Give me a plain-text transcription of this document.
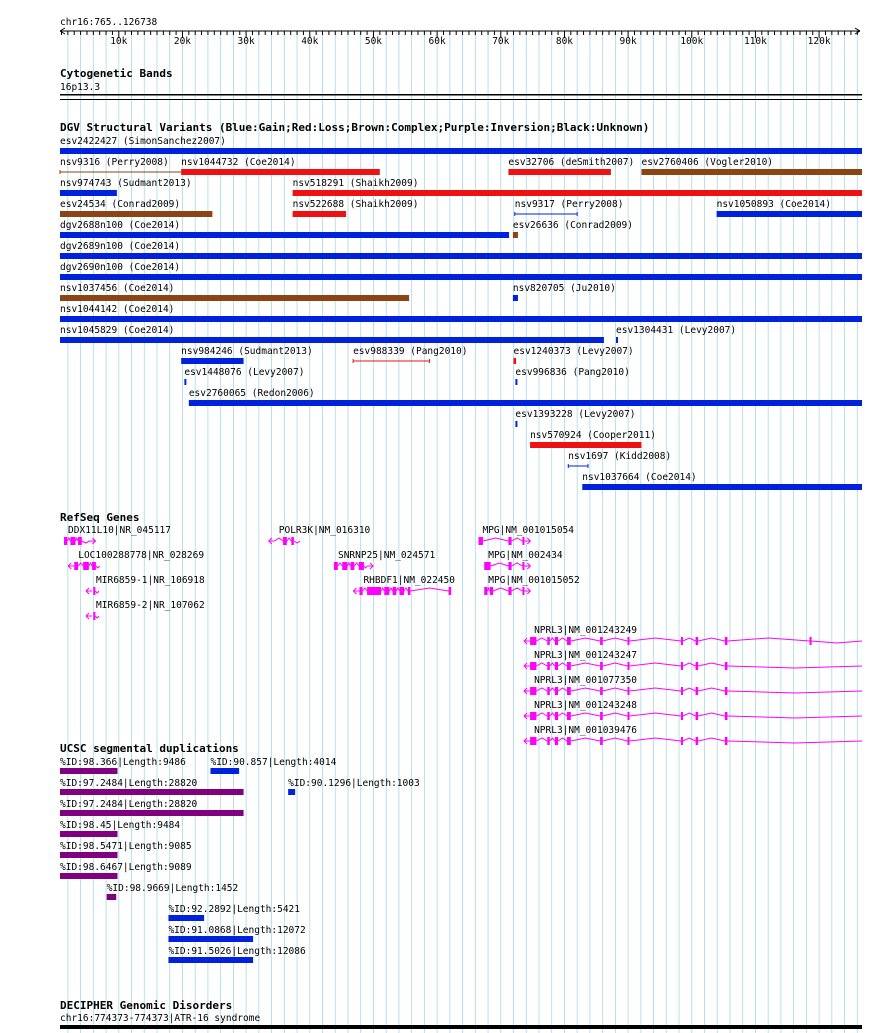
chr16:765..126738
10k	20k	30k	40k	50k	60k	70k	80k	90k	100k	110k	120k
Cytogenetic Bands
16p13.3
DGV Structural Variants (Blue:Gain;Red:Loss;Brown:Complex;Purple:Inversion;Black:Unknown)
esv2422427 (SimonSanchez2007)
nsv9316 (Perry2008) nsv1044732 (Coe2014)	esv32706 (deSmith2007) esv2760406 (Vogler2010)
nsv974743 (Sudmant2013)	nsv518291 (Shaikh2009)
esv24534 (Conrad2009)	nsv522688 (Shaikh2009)	nsv9317 (Perry2008)	nsv1050893 (Coe2014)
dgv2688n100 (Coe2014)	esv26636 (Conrad2009)
dgv2689n100 (Coe2014)
dgv2690n100 (Coe2014)
nsv1037456 (Coe2014)	nsv820705 (Ju2010)
nsv1044142 (Coe2014)
nsv1045829 (Coe2014)	esv1304431 (Levy2007)
nsv984246 (Sudmant2013)	esv988339 (Pang2010)	esv1240373 (Levy2007)
esv1448076 (Levy2007)	esv996836 (Pang2010)
esv2760065 (Redon2006)
esv1393228 (Levy2007)
nsv570924 (Cooper2011)
nsv1697 (Kidd2008)
nsv1037664 (Coe2014)
RefSeq Genes
DDX11L10|NR_045117	POLR3K|NM_016310	MPG|NM_001015054
LOC100288778|NR_028269	SNRNP25|NM_024571	MPG|NM_002434
MIR6859-1|NR_106918	RHBDF1|NM_022450	MPG|NM_001015052
MIR6859-2|NR_107062
NPRL3|NM_001243249
NPRL3|NM_001243247
NPRL3|NM_001077350
NPRL3|NM_001243248
NPRL3|NM_001039476
UCSC segmental duplications
%ID:98.366|Length:9486	%ID:90.857|Length:4014
%ID:97.2484|Length:28820	%ID:90.1296|Length:1003
%ID:97.2484|Length:28820
%ID:98.45|Length:9484
%ID:98.5471|Length:9085
%ID:98.6467|Length:9089
%ID:98.9669|Length:1452
%ID:92.2892|Length:5421
%ID:91.0868|Length:12072
%ID:91.5026|Length:12086
DECIPHER Genomic Disorders
chr16:774373-774373|ATR-16 syndrome
